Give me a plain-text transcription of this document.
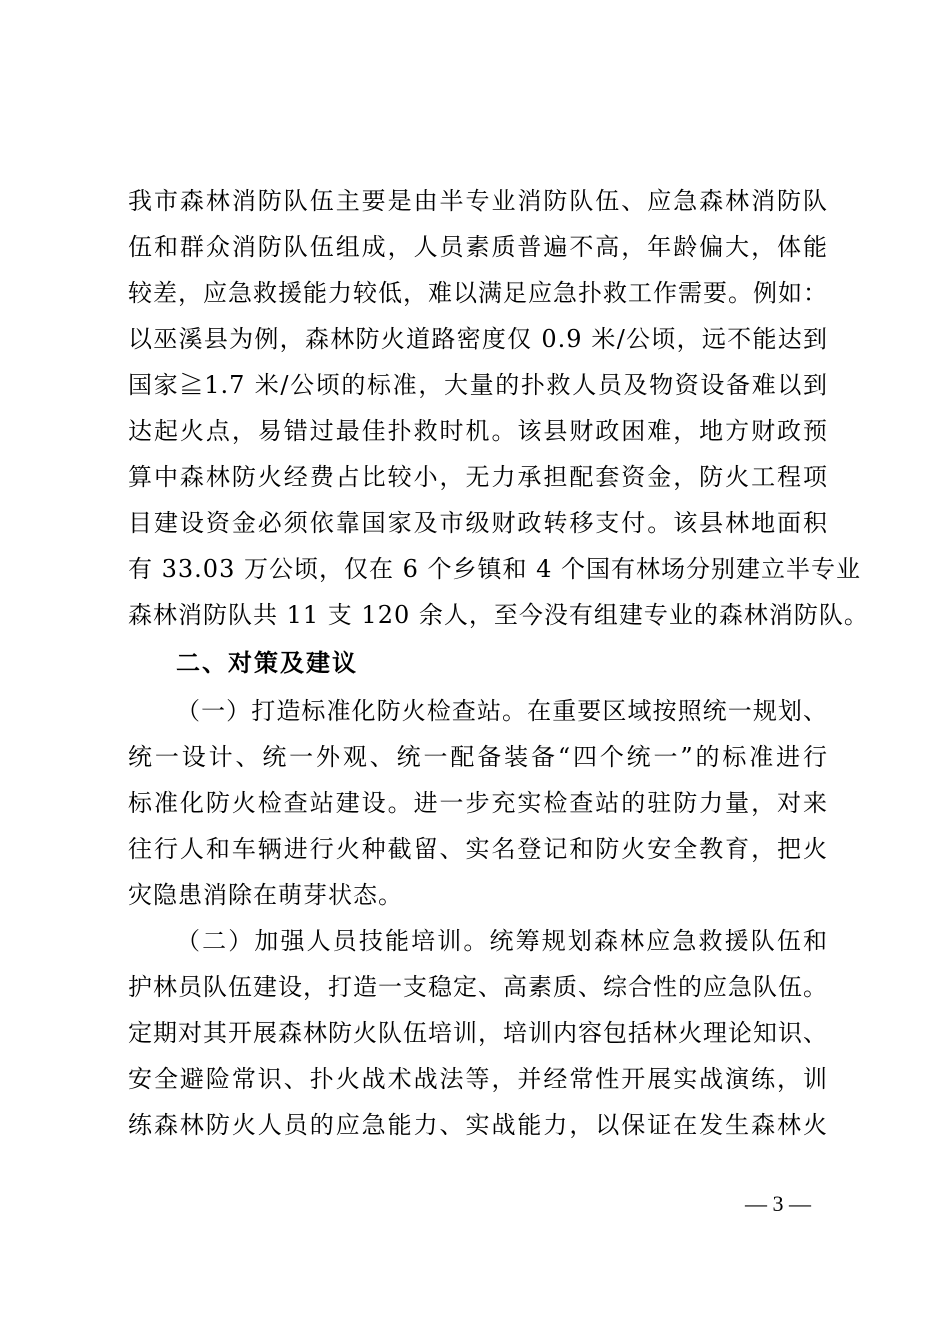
我市森林消防队伍主要是由半专业消防队伍、应急森林消防队
伍和群众消防队伍组成，人员素质普遍不高，年龄偏大，体能
较差，应急救援能力较低，难以满足应急扑救工作需要。例如：
以巫溪县为例，森林防火道路密度仅 0.9 米/公顷，远不能达到
国家≧1.7 米/公顷的标准，大量的扑救人员及物资设备难以到
达起火点，易错过最佳扑救时机。该县财政困难，地方财政预
算中森林防火经费占比较小，无力承担配套资金，防火工程项
目建设资金必须依靠国家及市级财政转移支付。该县林地面积
有 33.03 万公顷，仅在 6 个乡镇和 4 个国有林场分别建立半专业
森林消防队共 11 支 120 余人，至今没有组建专业的森林消防队。
二、对策及建议
（一）打造标准化防火检查站。在重要区域按照统一规划、
统一设计、统一外观、统一配备装备“四个统一”的标准进行
标准化防火检查站建设。进一步充实检查站的驻防力量，对来
往行人和车辆进行火种截留、实名登记和防火安全教育，把火
灾隐患消除在萌芽状态。
（二）加强人员技能培训。统筹规划森林应急救援队伍和
护林员队伍建设，打造一支稳定、高素质、综合性的应急队伍。
定期对其开展森林防火队伍培训，培训内容包括林火理论知识、
安全避险常识、扑火战术战法等，并经常性开展实战演练，训
练森林防火人员的应急能力、实战能力，以保证在发生森林火
— 3 —
